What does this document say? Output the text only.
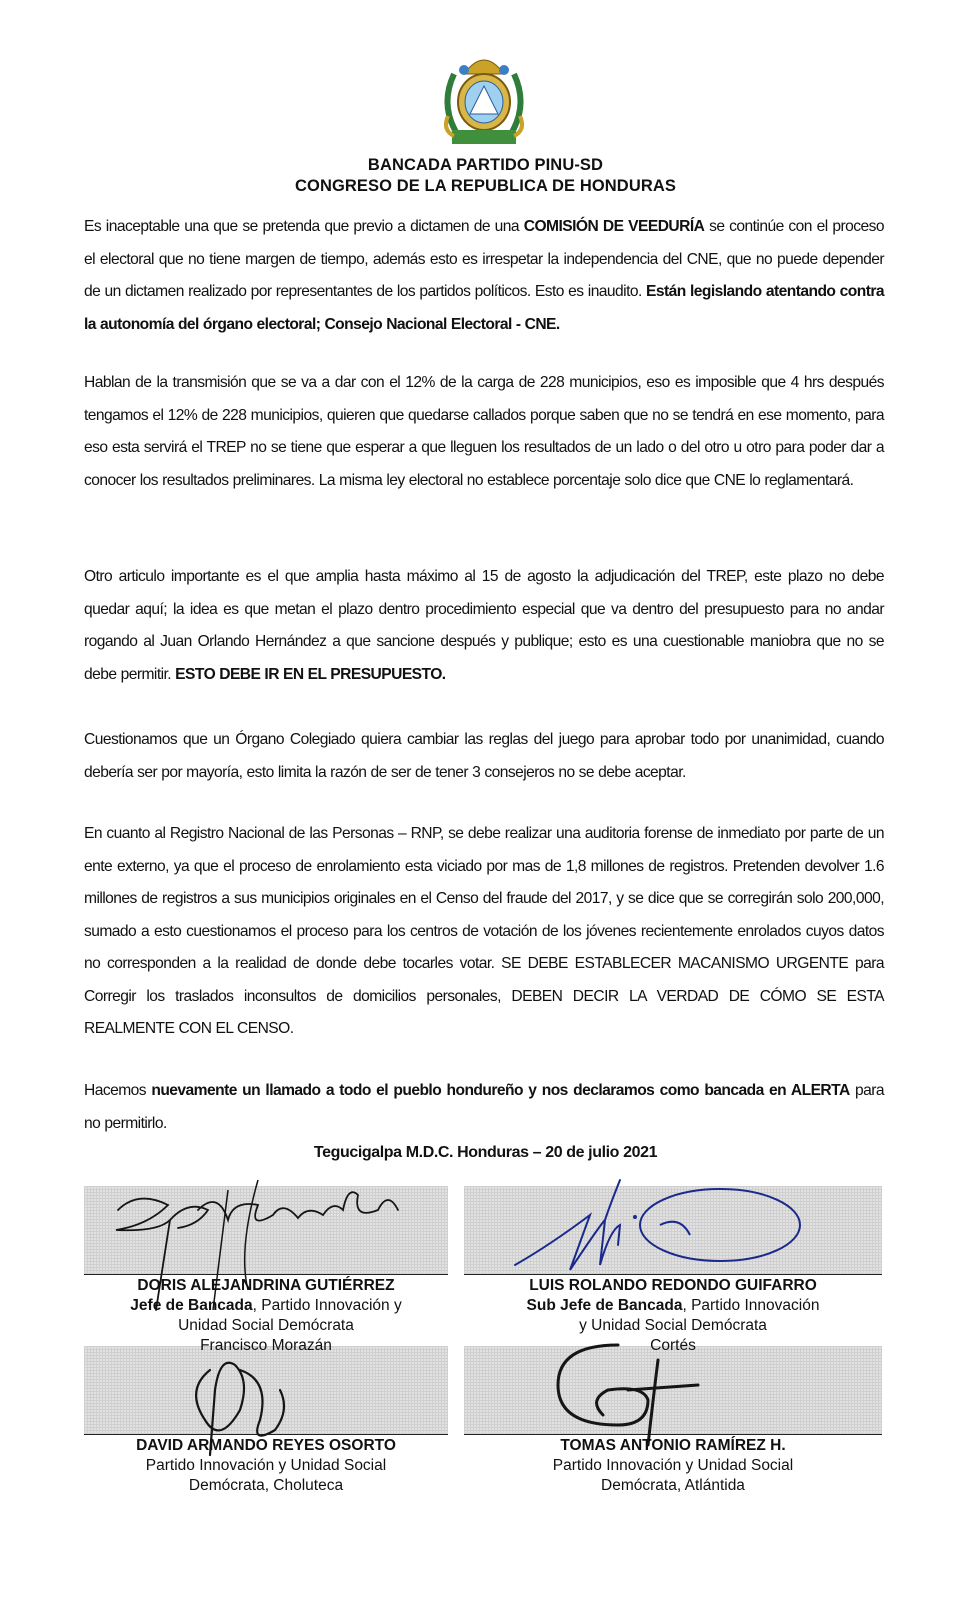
BANCADA PARTIDO PINU-SD
CONGRESO DE LA REPUBLICA DE HONDURAS

Es inaceptable una que se pretenda que previo a dictamen de una COMISIÓN DE VEEDURÍA se continúe con el proceso el electoral que no tiene margen de tiempo, además esto es irrespetar la independencia del CNE, que no puede depender de un dictamen realizado por representantes de los partidos políticos. Esto es inaudito. Están legislando atentando contra la autonomía del órgano electoral; Consejo Nacional Electoral - CNE.

Hablan de la transmisión que se va a dar con el 12% de la carga de 228 municipios, eso es imposible que 4 hrs después tengamos el 12% de 228 municipios, quieren que quedarse callados porque saben que no se tendrá en ese momento, para eso esta servirá el TREP no se tiene que esperar a que lleguen los resultados de un lado o del otro u otro para poder dar a conocer los resultados preliminares. La misma ley electoral no establece porcentaje solo dice que CNE lo reglamentará.

Otro articulo importante es el que amplia hasta máximo al 15 de agosto la adjudicación del TREP, este plazo no debe quedar aquí; la idea es que metan el plazo dentro procedimiento especial que va dentro del presupuesto para no andar rogando al Juan Orlando Hernández a que sancione después y publique; esto es una cuestionable maniobra que no se debe permitir. ESTO DEBE IR EN EL PRESUPUESTO.

Cuestionamos que un Órgano Colegiado quiera cambiar las reglas del juego para aprobar todo por unanimidad, cuando debería ser por mayoría, esto limita la razón de ser de tener 3 consejeros no se debe aceptar.

En cuanto al Registro Nacional de las Personas – RNP, se debe realizar una auditoria forense de inmediato por parte de un ente externo, ya que el proceso de enrolamiento esta viciado por mas de 1,8 millones de registros. Pretenden devolver 1.6 millones de registros a sus municipios originales en el Censo del fraude del 2017, y se dice que se corregirán solo 200,000, sumado a esto cuestionamos el proceso para los centros de votación de los jóvenes recientemente enrolados cuyos datos no corresponden a la realidad de donde debe tocarles votar. SE DEBE ESTABLECER MACANISMO URGENTE para Corregir los traslados inconsultos de domicilios personales, DEBEN DECIR LA VERDAD DE CÓMO SE ESTA REALMENTE CON EL CENSO.

Hacemos nuevamente un llamado a todo el pueblo hondureño y nos declaramos como bancada en ALERTA para no permitirlo.

Tegucigalpa M.D.C. Honduras – 20 de julio 2021
DORIS ALEJANDRINA GUTIÉRREZ
Jefe de Bancada, Partido Innovación y
Unidad Social Demócrata
Francisco Morazán
LUIS ROLANDO REDONDO GUIFARRO
Sub Jefe de Bancada, Partido Innovación
y Unidad Social Demócrata
Cortés
DAVID ARMANDO REYES OSORTO
Partido Innovación y Unidad Social
Demócrata, Choluteca
TOMAS ANTONIO RAMÍREZ H.
Partido Innovación y Unidad Social
Demócrata, Atlántida
